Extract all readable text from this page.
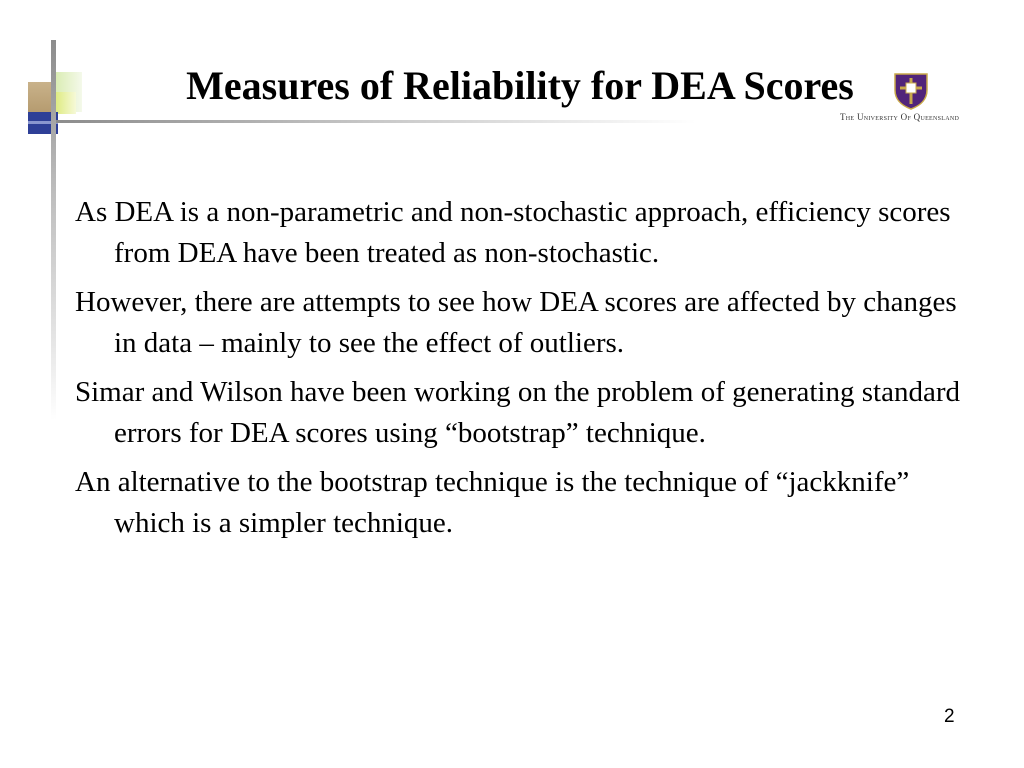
Measures of Reliability for DEA Scores
The University Of Queensland

As DEA is a non-parametric and non-stochastic approach, efficiency scores from DEA have been treated as non-stochastic.

However, there are attempts to see how DEA scores are affected by changes in data – mainly to see the effect of outliers.

Simar and Wilson have been working on the problem of generating standard errors for DEA scores using “bootstrap” technique.

An alternative to the bootstrap technique is the technique of “jackknife” which is a simpler technique.

2
